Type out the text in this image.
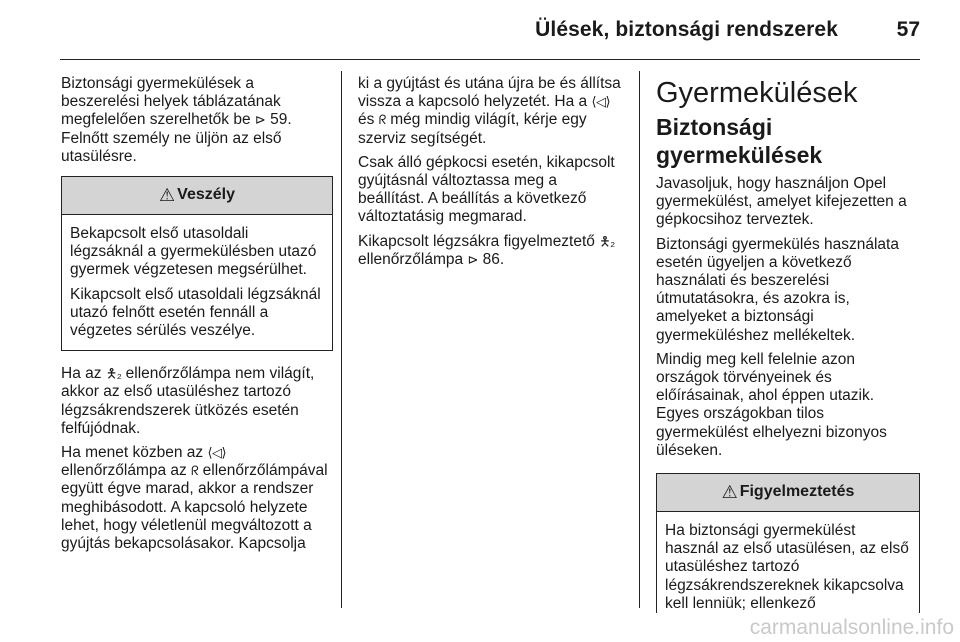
Ülések, biztonsági rendszerek	57

Biztonsági gyermekülések a beszerelési helyek táblázatának megfelelően szerelhetők be ⊳ 59. Felnőtt személy ne üljön az első utasülésre.

⚠ Veszély

Bekapcsolt első utasoldali légzsáknál a gyermekülésben utazó gyermek végzetesen megsérülhet.

Kikapcsolt első utasoldali légzsáknál utazó felnőtt esetén fennáll a végzetes sérülés veszélye.

Ha az 🯅₂ ellenőrzőlámpa nem világít, akkor az első utasüléshez tartozó légzsákrendszerek ütközés esetén felfújódnak.

Ha menet közben az ⟨◁⟩ ellenőrzőlámpa az ᖇ ellenőrzőlámpával együtt égve marad, akkor a rendszer meghibásodott. A kapcsoló helyzete lehet, hogy véletlenül megváltozott a gyújtás bekapcsolásakor. Kapcsolja

ki a gyújtást és utána újra be és állítsa vissza a kapcsoló helyzetét. Ha a ⟨◁⟩ és ᖇ még mindig világít, kérje egy szerviz segítségét.

Csak álló gépkocsi esetén, kikapcsolt gyújtásnál változtassa meg a beállítást. A beállítás a következő változtatásig megmarad.

Kikapcsolt légzsákra figyelmeztető 🯅₂ ellenőrzőlámpa ⊳ 86.

Gyermekülések
Biztonsági gyermekülések

Javasoljuk, hogy használjon Opel gyermekülést, amelyet kifejezetten a gépkocsihoz terveztek.

Biztonsági gyermekülés használata esetén ügyeljen a következő használati és beszerelési útmutatásokra, és azokra is, amelyeket a biztonsági gyermeküléshez mellékeltek.

Mindig meg kell felelnie azon országok törvényeinek és előírásainak, ahol éppen utazik. Egyes országokban tilos gyermekülést elhelyezni bizonyos üléseken.

⚠ Figyelmeztetés

Ha biztonsági gyermekülést használ az első utasülésen, az első utasüléshez tartozó légzsákrendszereknek kikapcsolva kell lenniük; ellenkező

carmanualsonline.info
